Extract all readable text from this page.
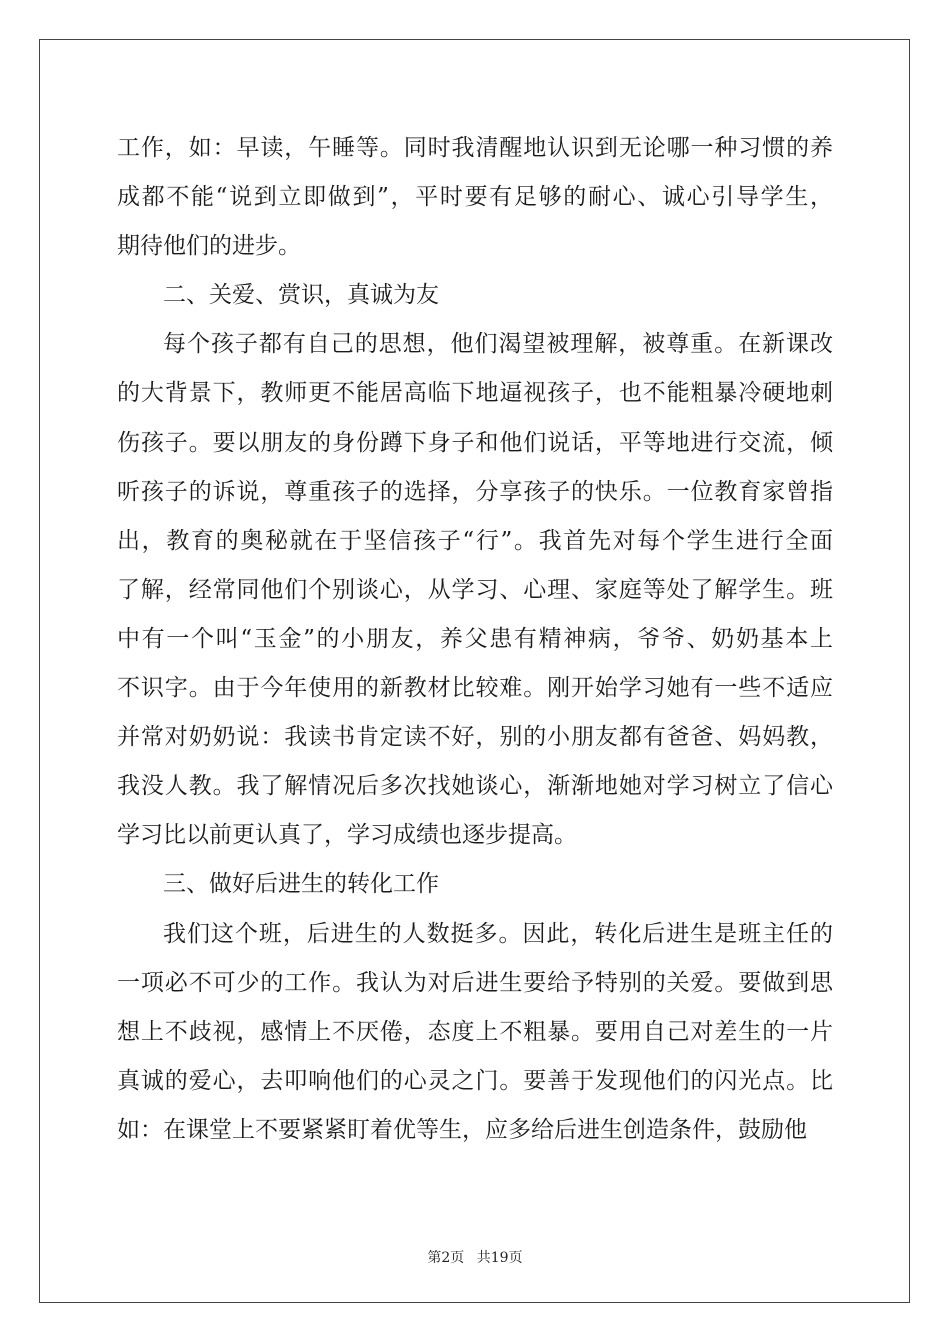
工作，如：早读，午睡等。同时我清醒地认识到无论哪一种习惯的养
成都不能“说到立即做到”，平时要有足够的耐心、诚心引导学生，
期待他们的进步。
二、关爱、赏识，真诚为友
每个孩子都有自己的思想，他们渴望被理解，被尊重。在新课改
的大背景下，教师更不能居高临下地逼视孩子，也不能粗暴冷硬地刺
伤孩子。要以朋友的身份蹲下身子和他们说话，平等地进行交流，倾
听孩子的诉说，尊重孩子的选择，分享孩子的快乐。一位教育家曾指
出，教育的奥秘就在于坚信孩子“行”。我首先对每个学生进行全面
了解，经常同他们个别谈心，从学习、心理、家庭等处了解学生。班
中有一个叫“玉金”的小朋友，养父患有精神病，爷爷、奶奶基本上
不识字。由于今年使用的新教材比较难。刚开始学习她有一些不适应
并常对奶奶说：我读书肯定读不好，别的小朋友都有爸爸、妈妈教，
我没人教。我了解情况后多次找她谈心，渐渐地她对学习树立了信心
学习比以前更认真了，学习成绩也逐步提高。
三、做好后进生的转化工作
我们这个班，后进生的人数挺多。因此，转化后进生是班主任的
一项必不可少的工作。我认为对后进生要给予特别的关爱。要做到思
想上不歧视，感情上不厌倦，态度上不粗暴。要用自己对差生的一片
真诚的爱心，去叩响他们的心灵之门。要善于发现他们的闪光点。比
如：在课堂上不要紧紧盯着优等生，应多给后进生创造条件，鼓励他
第2页 共19页
